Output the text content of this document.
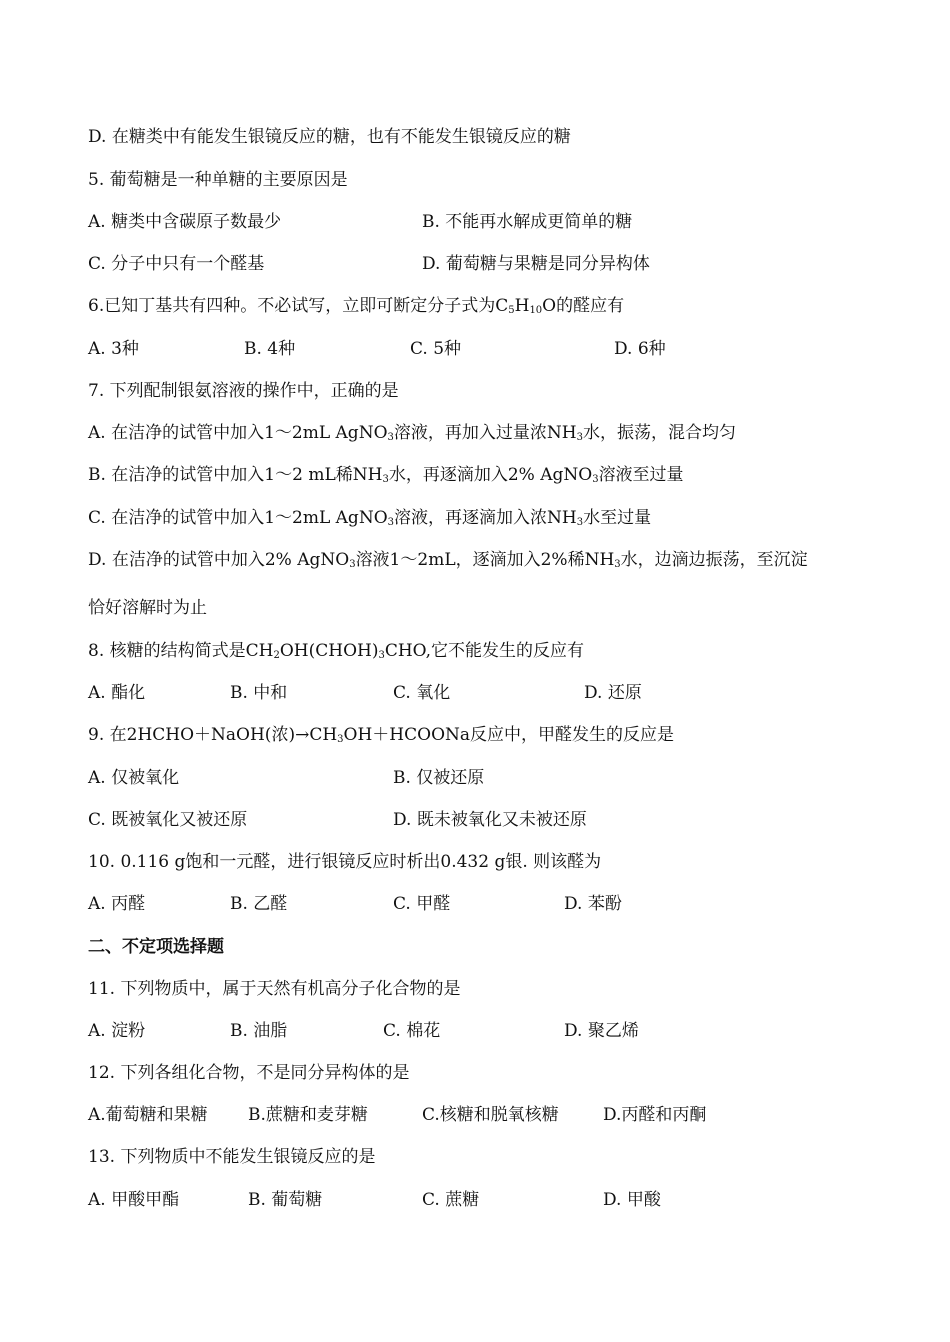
D. 在糖类中有能发生银镜反应的糖，也有不能发生银镜反应的糖
5. 葡萄糖是一种单糖的主要原因是
A. 糖类中含碳原子数最少	B. 不能再水解成更简单的糖
C. 分子中只有一个醛基	D. 葡萄糖与果糖是同分异构体
6.已知丁基共有四种。不必试写，立即可断定分子式为$C_5H_{10}O$的醛应有
A. 3种	B. 4种	C. 5种	D. 6种
7. 下列配制银氨溶液的操作中，正确的是
A. 在洁净的试管中加入1～2mL AgNO$_3$溶液，再加入过量浓$NH_3$水，振荡，混合均匀
B. 在洁净的试管中加入1～2 mL稀$NH_3$水，再逐滴加入2% AgNO$_3$溶液至过量
C. 在洁净的试管中加入1～2mL AgNO$_3$溶液，再逐滴加入浓$NH_3$水至过量
D. 在洁净的试管中加入2% AgNO$_3$溶液1～2mL，逐滴加入2%稀$NH_3$水，边滴边振荡，至沉淀
恰好溶解时为止
8. 核糖的结构简式是$CH_2OH(CHOH)_3CHO$,它不能发生的反应有
A. 酯化	B. 中和	C. 氧化	D. 还原
9. 在2HCHO＋NaOH(浓)$\to CH_3OH+HCOONa$反应中，甲醛发生的反应是
A. 仅被氧化	B. 仅被还原
C. 既被氧化又被还原	D. 既未被氧化又未被还原
10. 0.116 g饱和一元醛，进行银镜反应时析出0.432 g银. 则该醛为
A. 丙醛	B. 乙醛	C. 甲醛	D. 苯酚
二、不定项选择题
11. 下列物质中，属于天然有机高分子化合物的是
A. 淀粉	B. 油脂	C. 棉花	D. 聚乙烯
12. 下列各组化合物，不是同分异构体的是
A.葡萄糖和果糖 B.蔗糖和麦芽糖	C.核糖和脱氧核糖	D.丙醛和丙酮
13. 下列物质中不能发生银镜反应的是
A. 甲酸甲酯	B. 葡萄糖	C. 蔗糖	D. 甲酸
